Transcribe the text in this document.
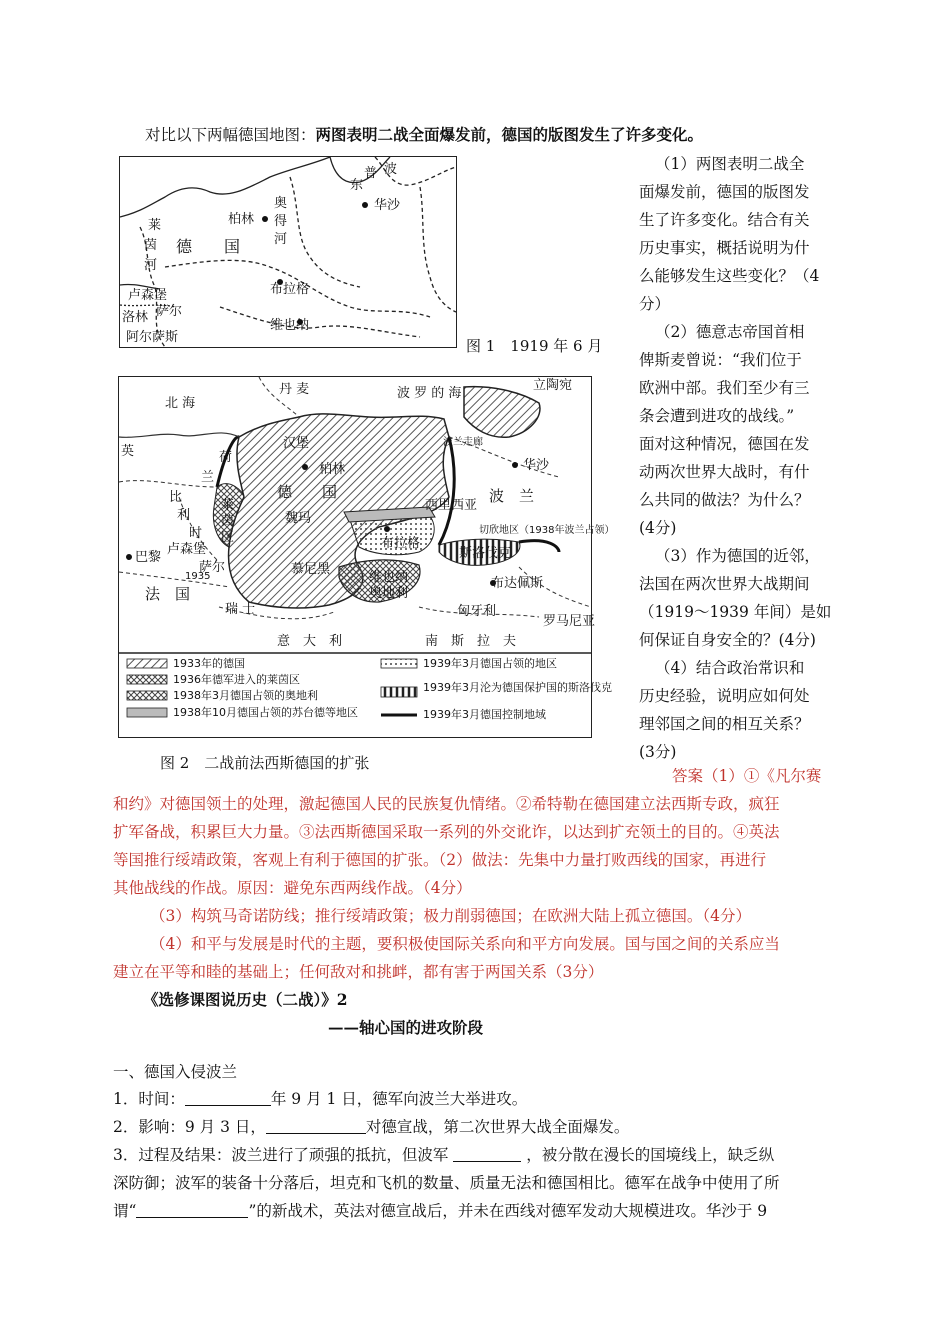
对比以下两幅德国地图：两图表明二战全面爆发前，德国的版图发生了许多变化。
波
东
普
华沙
柏林
奥
得
河
德　　国
莱
茵
河
布拉格
卢森堡
萨尔
洛林
维也纳
阿尔萨斯	图 1　1919 年 6 月
北 海
丹 麦	波 罗 的 海
立陶宛
汉堡
柏林
德　　国	波　兰
华沙
魏玛
荷
兰
比
利
时
莱
茵
区
卢森堡
萨尔
1935
巴黎
法　国
慕尼黑
布拉格
西里西亚
斯洛伐克
维也纳
奥地利
布达佩斯
瑞 士	匈牙利
意　大　利	南　斯　拉　夫
罗马尼亚
英
波兰走廊
切欣地区（1938年波兰占领）
1933年的德国
1936年德军进入的莱茵区
1938年3月德国占领的奥地利
1938年10月德国占领的苏台德等地区
1939年3月德国占领的地区
1939年3月沦为德国保护国的斯洛伐克
1939年3月德国控制地域
图 2　二战前法西斯德国的扩张
（1）两图表明二战全
面爆发前，德国的版图发
生了许多变化。结合有关
历史事实，概括说明为什
么能够发生这些变化？（4
分）
（2）德意志帝国首相
俾斯麦曾说：“我们位于
欧洲中部。我们至少有三
条会遭到进攻的战线。”
面对这种情况，德国在发
动两次世界大战时，有什
么共同的做法？为什么？
(4分)
（3）作为德国的近邻，
法国在两次世界大战期间
（1919～1939 年间）是如
何保证自身安全的？(4分)
（4）结合政治常识和
历史经验，说明应如何处
理邻国之间的相互关系？
(3分)
答案（1）①《凡尔赛
和约》对德国领土的处理，激起德国人民的民族复仇情绪。②希特勒在德国建立法西斯专政，疯狂
扩军备战，积累巨大力量。③法西斯德国采取一系列的外交讹诈，以达到扩充领土的目的。④英法
等国推行绥靖政策，客观上有利于德国的扩张。（2）做法：先集中力量打败西线的国家，再进行
其他战线的作战。原因：避免东西两线作战。（4分）
（3）构筑马奇诺防线；推行绥靖政策；极力削弱德国；在欧洲大陆上孤立德国。（4分）
（4）和平与发展是时代的主题，要积极使国际关系向和平方向发展。国与国之间的关系应当
建立在平等和睦的基础上；任何敌对和挑衅，都有害于两国关系（3分）
《选修课图说历史（二战）》2
——轴心国的进攻阶段
一、德国入侵波兰
1．时间：	年 9 月 1 日，德军向波兰大举进攻。
2．影响：9 月 3 日，	对德宣战，第二次世界大战全面爆发。
3．过程及结果：波兰进行了顽强的抵抗，但波军	，被分散在漫长的国境线上，缺乏纵
深防御；波军的装备十分落后，坦克和飞机的数量、质量无法和德国相比。德军在战争中使用了所
谓“	”的新战术，英法对德宣战后，并未在西线对德军发动大规模进攻。华沙于 9
